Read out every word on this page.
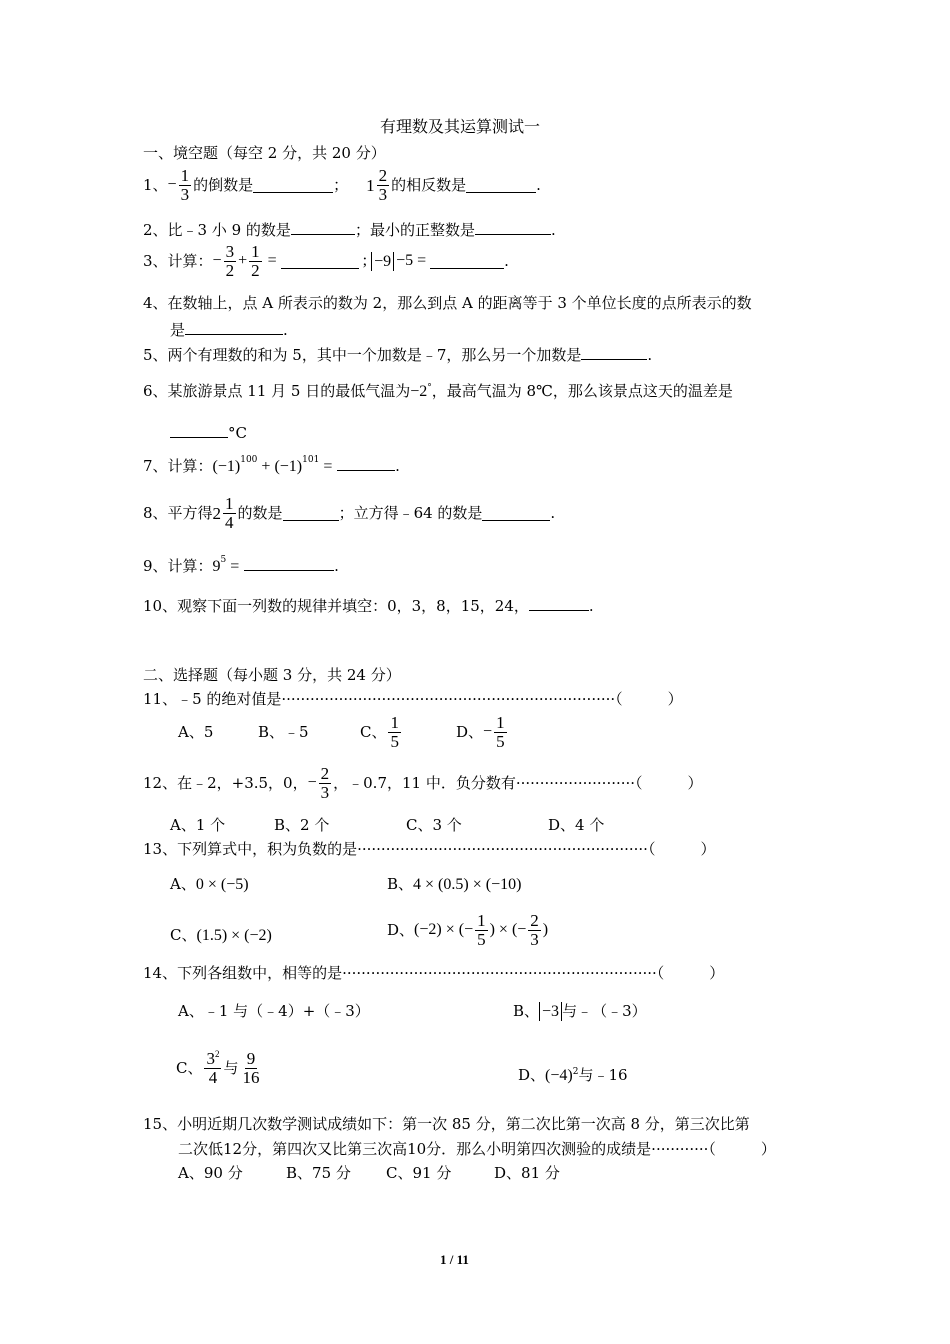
有理数及其运算测试一
一、境空题（每空 2 分，共 20 分）
1、 − $\frac{1}{3}$ 的倒数是	； $1 \frac{2}{3}$ 的相反数是	.
2、比﹣3 小 9 的数是	；最小的正整数是	.
3、计算： − $\frac{3}{2} + \frac{1}{2}$ =	; −9 −5 =	.
4、在数轴上，点 A 所表示的数为 2，那么到点 A 的距离等于 3 个单位长度的点所表示的数
是	.
5、两个有理数的和为 5，其中一个加数是﹣7，那么另一个加数是	.
6、某旅游景点 11 月 5 日的最低气温为−2°，最高气温为 8℃，那么该景点这天的温差是
°C
7、计算：$(-1)^{100} + (-1)^{101}$ =	.
8、平方得 $2 \frac{1}{4}$ 的数是	；立方得﹣64 的数是	.
9、计算：$9^5$ =	.
10、观察下面一列数的规律并填空：0，3，8，15，24，	.
二、选择题（每小题 3 分，共 24 分）
11、﹣5 的绝对值是······································································（　　　）
A、5	B、﹣5	C、 $\frac{1}{5}$	D、 − $\frac{1}{5}$
12、在﹣2，+3.5，0， − $\frac{2}{3}$ ，﹣0.7，11 中．负分数有·························（　　　）
A、1 个	B、2 个	C、3 个	D、4 个
13、下列算式中，积为负数的是·····························································（　　　）
A、0 × (−5)	B、4 × (0.5) × (−10)
C、(1.5) × (−2)	D、 (−2) × (− $\frac{1}{5}$ ) × (− $\frac{2}{3}$ )
14、下列各组数中，相等的是··································································（　　　）
A、﹣1 与（﹣4）+（﹣3）	B、 −3 与﹣（﹣3）
C、 $\frac{3^2}{4}$ 与 $\frac{9}{16}$	D、$(-4)^2$与﹣16
15、小明近期几次数学测试成绩如下：第一次 85 分，第二次比第一次高 8 分，第三次比第
二次低12分，第四次又比第三次高10分．那么小明第四次测验的成绩是············（　　　）
A、90 分	B、75 分 C、91 分	D、81 分
1 / 11
